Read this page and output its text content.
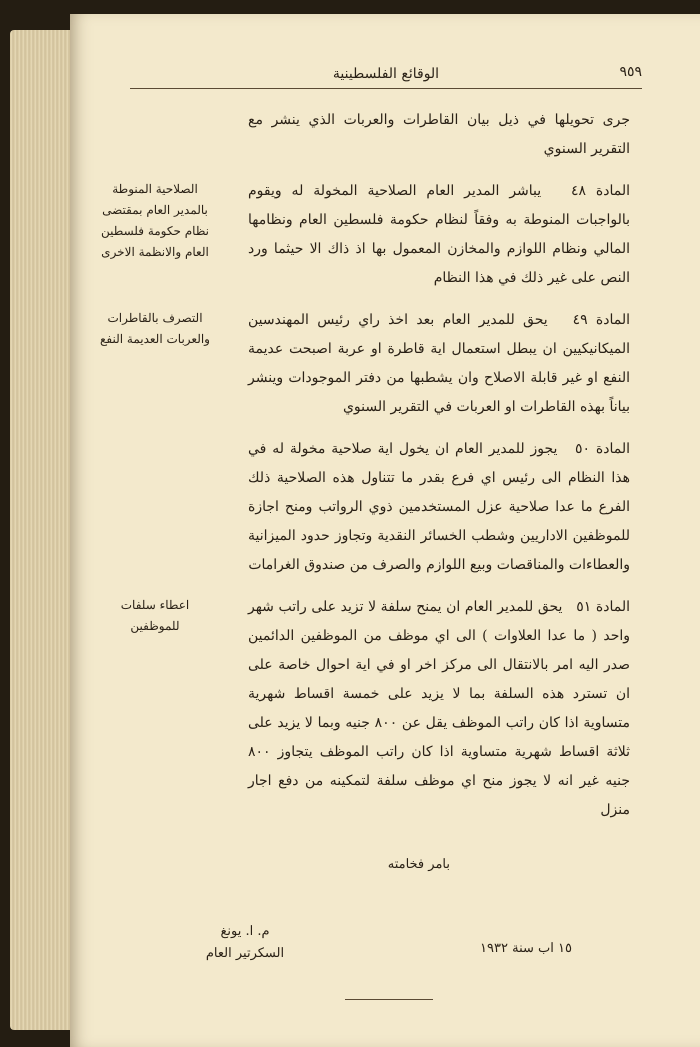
الوقائع الفلسطينية	٩٥٩

جرى تحويلها في ذيل بيان القاطرات والعربات الذي ينشر مع التقرير السنوي

المادة ٤٨   يباشر المدير العام الصلاحية المخولة له ويقوم بالواجبات المنوطة به وفقاً لنظام حكومة فلسطين العام ونظامها المالي ونظام اللوازم والمخازن المعمول بها اذ ذاك الا حيثما ورد النص على غير ذلك في هذا النظام
الصلاحية المنوطة بالمدير العام بمقتضى نظام حكومة فلسطين العام والانظمة الاخرى

المادة ٤٩   يحق للمدير العام بعد اخذ راي رئيس المهندسين الميكانيكيين ان يبطل استعمال اية قاطرة او عربة اصبحت عديمة النفع او غير قابلة الاصلاح وان يشطبها من دفتر الموجودات وينشر بياناً بهذه القاطرات او العربات في التقرير السنوي
التصرف بالقاطرات والعربات العديمة النفع

المادة ٥٠   يجوز للمدير العام ان يخول اية صلاحية مخولة له في هذا النظام الى رئيس اي فرع بقدر ما تتناول هذه الصلاحية ذلك الفرع ما عدا صلاحية عزل المستخدمين ذوي الرواتب ومنح اجازة للموظفين الاداريين وشطب الخسائر النقدية وتجاوز حدود الميزانية والعطاءات والمناقصات وبيع اللوازم والصرف من صندوق الغرامات

المادة ٥١   يحق للمدير العام ان يمنح سلفة لا تزيد على راتب شهر واحد ( ما عدا العلاوات ) الى اي موظف من الموظفين الدائمين صدر اليه امر بالانتقال الى مركز اخر او في اية احوال خاصة على ان تسترد هذه السلفة بما لا يزيد على خمسة اقساط شهرية متساوية اذا كان راتب الموظف يقل عن ٨٠٠ جنيه وبما لا يزيد على ثلاثة اقساط شهرية متساوية اذا كان راتب الموظف يتجاوز ٨٠٠ جنيه غير انه لا يجوز منح اي موظف سلفة لتمكينه من دفع اجار منزل
اعطاء سلفات للموظفين

بامر فخامته
١٥ اب سنة ١٩٣٢
م. ا. يونغ
السكرتير العام
